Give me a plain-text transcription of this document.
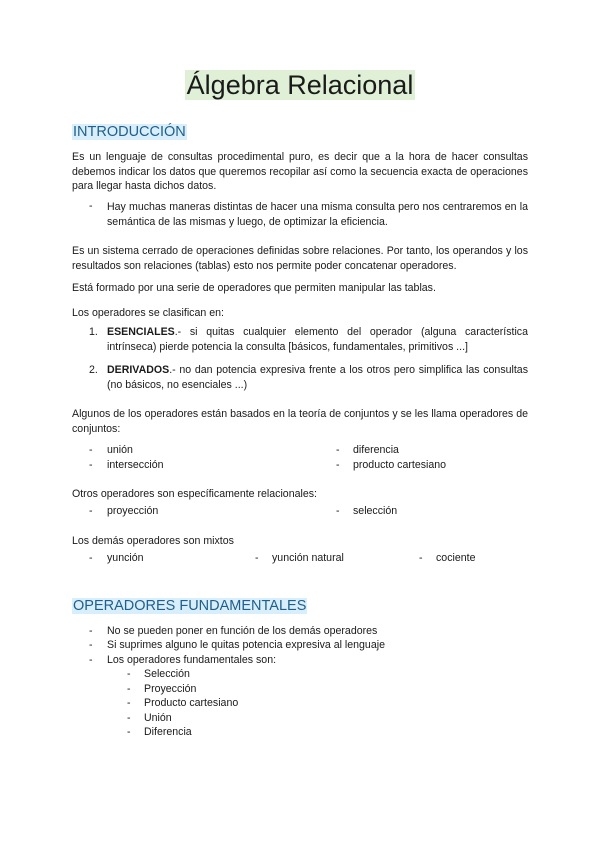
Álgebra Relacional
INTRODUCCIÓN
Es un lenguaje de consultas procedimental puro, es decir que a la hora de hacer consultas debemos indicar los datos que queremos recopilar así como la secuencia exacta de operaciones para llegar hasta dichos datos.
- Hay muchas maneras distintas de hacer una misma consulta pero nos centraremos en la semántica de las mismas y luego, de optimizar la eficiencia.
Es un sistema cerrado de operaciones definidas sobre relaciones. Por tanto, los operandos y los resultados son relaciones (tablas) esto nos permite poder concatenar operadores.
Está formado por una serie de operadores que permiten manipular las tablas.
Los operadores se clasifican en:
1. ESENCIALES.- si quitas cualquier elemento del operador (alguna característica intrínseca) pierde potencia la consulta [básicos, fundamentales, primitivos ...]
2. DERIVADOS.- no dan potencia expresiva frente a los otros pero simplifica las consultas (no básicos, no esenciales ...)
Algunos de los operadores están basados en la teoría de conjuntos y se les llama operadores de conjuntos:
- unión	- diferencia
- intersección	- producto cartesiano
Otros operadores son específicamente relacionales:
- proyección	- selección
Los demás operadores son mixtos
- yunción	- yunción natural	- cociente
OPERADORES FUNDAMENTALES
- No se pueden poner en función de los demás operadores
- Si suprimes alguno le quitas potencia expresiva al lenguaje
- Los operadores fundamentales son:
- Selección
- Proyección
- Producto cartesiano
- Unión
- Diferencia
